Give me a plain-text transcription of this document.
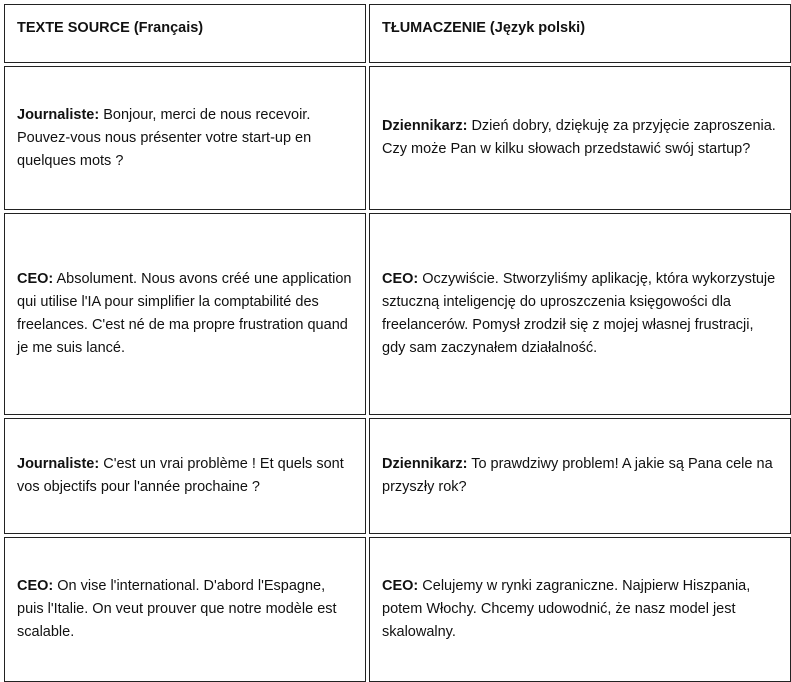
TEXTE SOURCE (Français)	TŁUMACZENIE (Język polski)
Journaliste: Bonjour, merci de nous recevoir. Pouvez-vous nous présenter votre start-up en quelques mots ?
Dziennikarz: Dzień dobry, dziękuję za przyjęcie zaproszenia. Czy może Pan w kilku słowach przedstawić swój startup?
CEO: Absolument. Nous avons créé une application qui utilise l'IA pour simplifier la comptabilité des freelances. C'est né de ma propre frustration quand je me suis lancé.
CEO: Oczywiście. Stworzyliśmy aplikację, która wykorzystuje sztuczną inteligencję do uproszczenia księgowości dla freelancerów. Pomysł zrodził się z mojej własnej frustracji, gdy sam zaczynałem działalność.
Journaliste: C'est un vrai problème ! Et quels sont vos objectifs pour l'année prochaine ?
Dziennikarz: To prawdziwy problem! A jakie są Pana cele na przyszły rok?
CEO: On vise l'international. D'abord l'Espagne, puis l'Italie. On veut prouver que notre modèle est scalable.
CEO: Celujemy w rynki zagraniczne. Najpierw Hiszpania, potem Włochy. Chcemy udowodnić, że nasz model jest skalowalny.
